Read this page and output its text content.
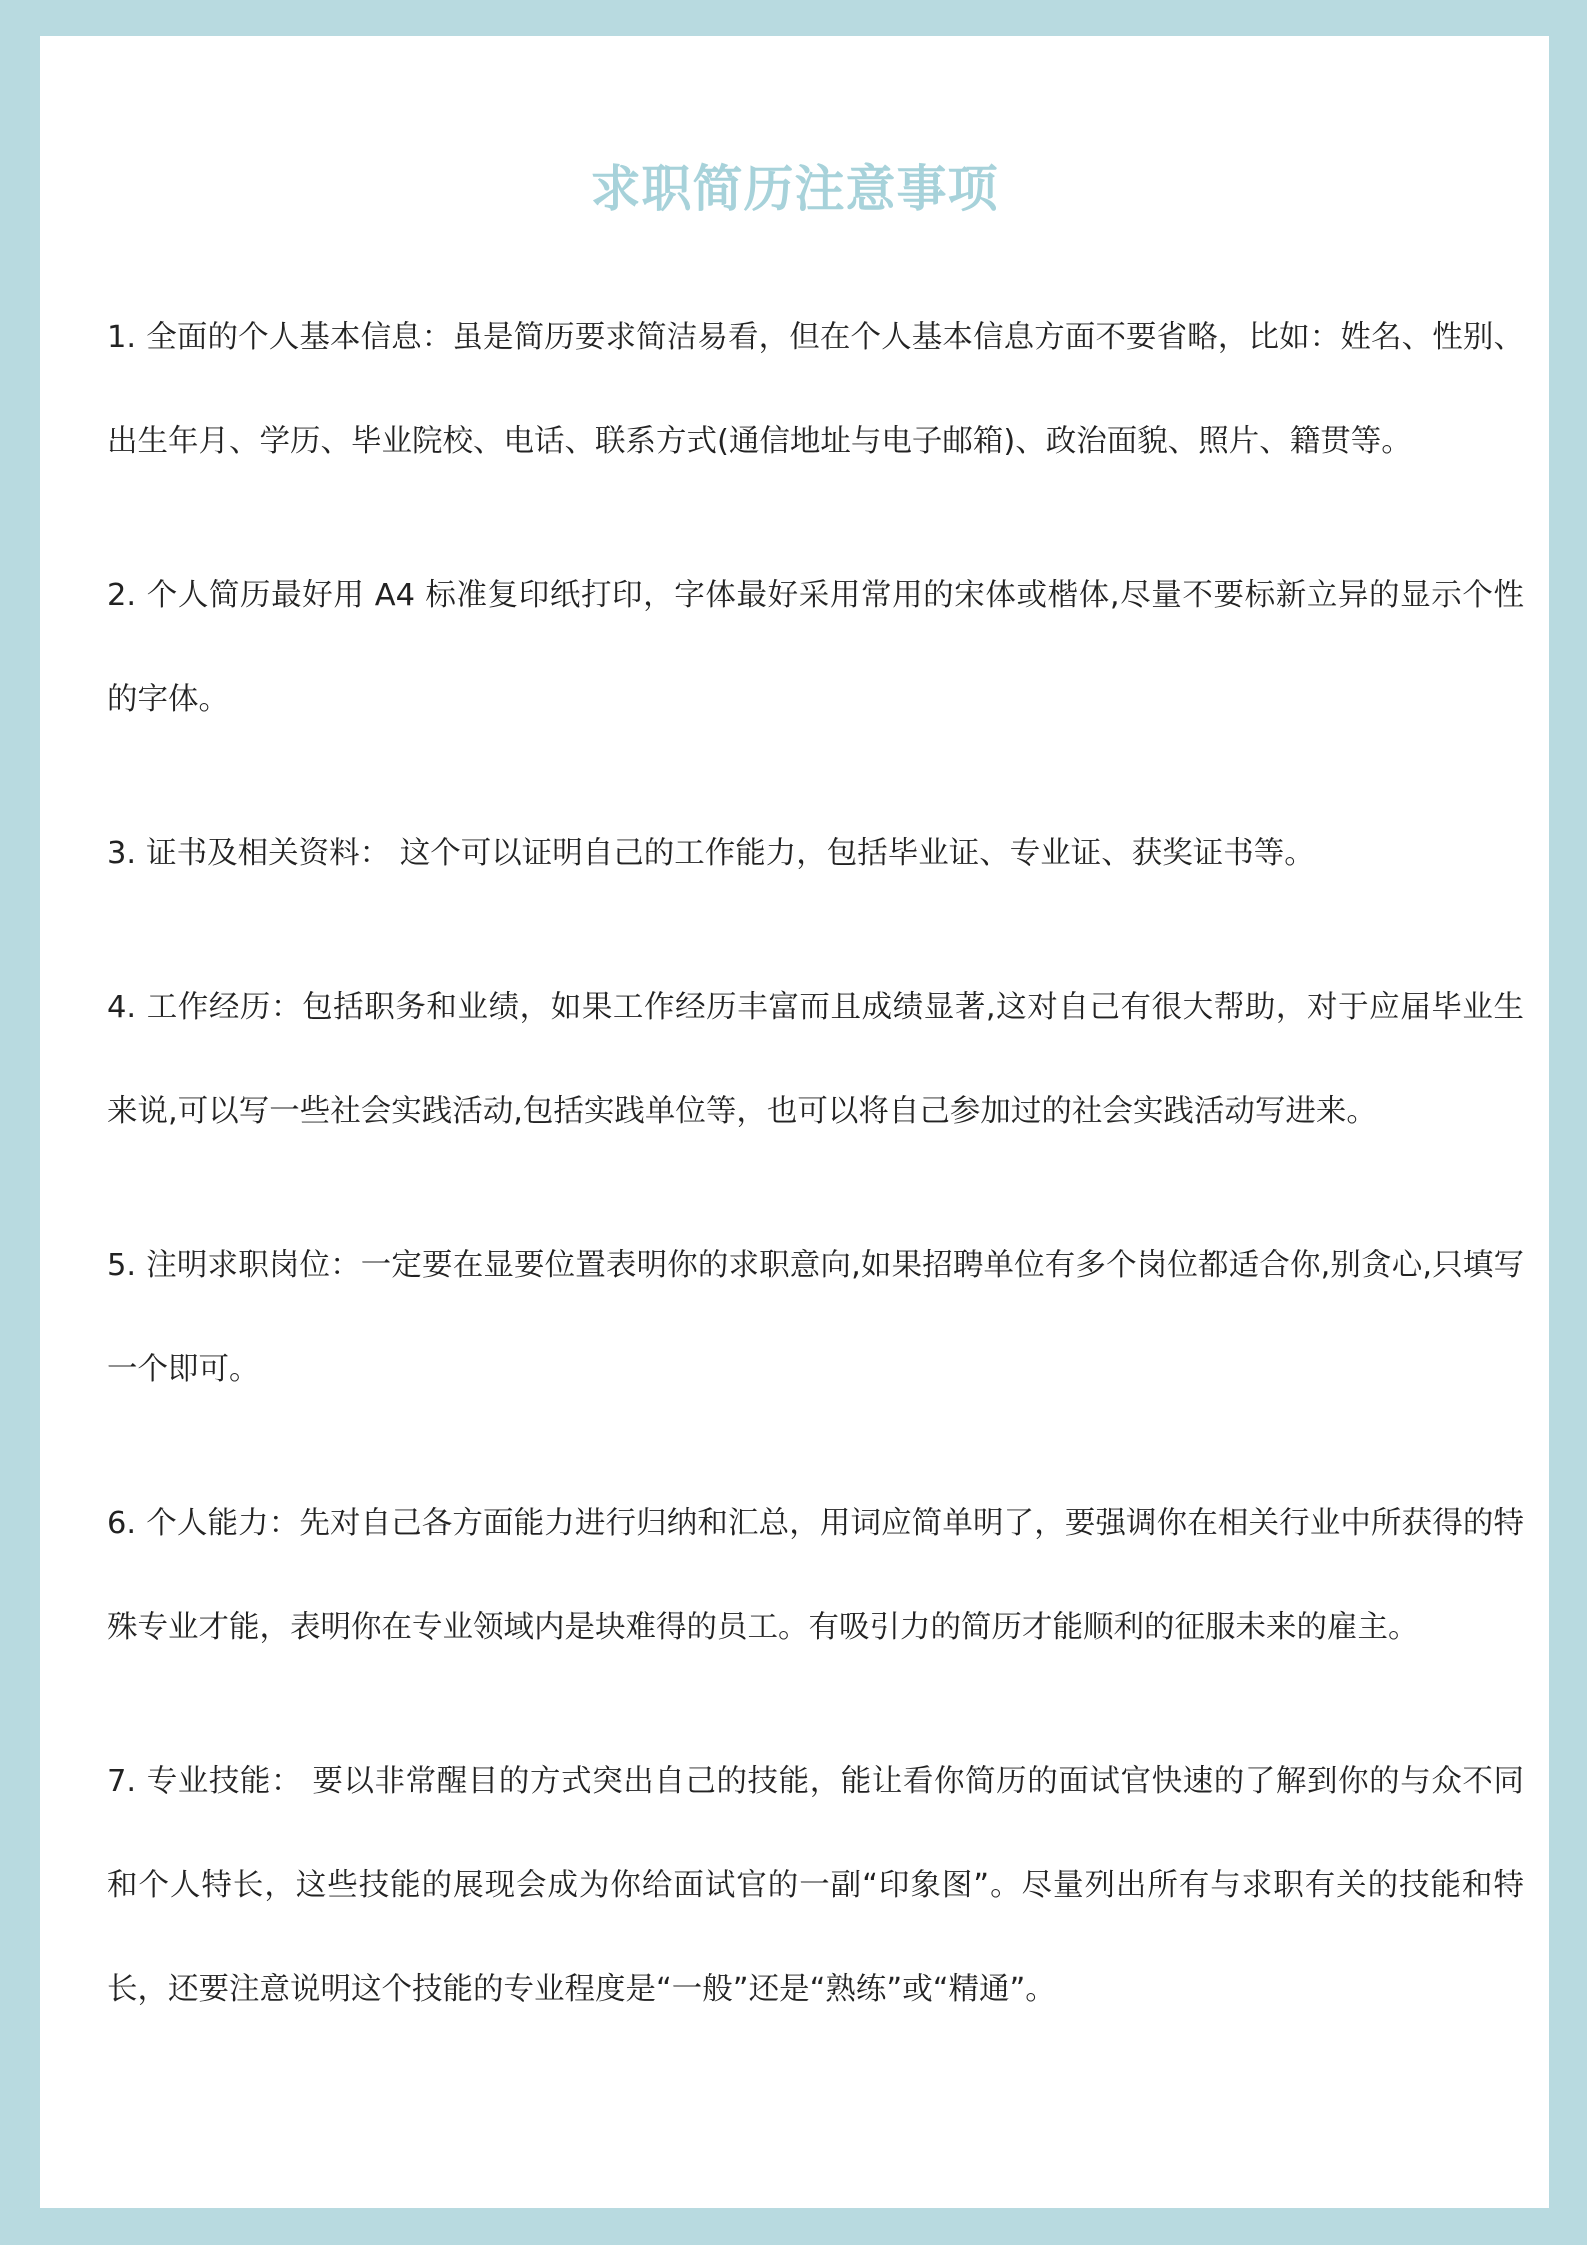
求职简历注意事项

1. 全面的个人基本信息：虽是简历要求简洁易看，但在个人基本信息方面不要省略，比如：姓名、性别、出生年月、学历、毕业院校、电话、联系方式(通信地址与电子邮箱)、政治面貌、照片、籍贯等。

2. 个人简历最好用 A4 标准复印纸打印，字体最好采用常用的宋体或楷体,尽量不要标新立异的显示个性的字体。

3. 证书及相关资料： 这个可以证明自己的工作能力，包括毕业证、专业证、获奖证书等。

4. 工作经历：包括职务和业绩，如果工作经历丰富而且成绩显著,这对自己有很大帮助，对于应届毕业生来说,可以写一些社会实践活动,包括实践单位等，也可以将自己参加过的社会实践活动写进来。

5. 注明求职岗位：一定要在显要位置表明你的求职意向,如果招聘单位有多个岗位都适合你,别贪心,只填写一个即可。

6. 个人能力：先对自己各方面能力进行归纳和汇总，用词应简单明了，要强调你在相关行业中所获得的特殊专业才能，表明你在专业领域内是块难得的员工。有吸引力的简历才能顺利的征服未来的雇主。

7. 专业技能： 要以非常醒目的方式突出自己的技能，能让看你简历的面试官快速的了解到你的与众不同和个人特长，这些技能的展现会成为你给面试官的一副“印象图”。尽量列出所有与求职有关的技能和特长，还要注意说明这个技能的专业程度是“一般”还是“熟练”或“精通”。
